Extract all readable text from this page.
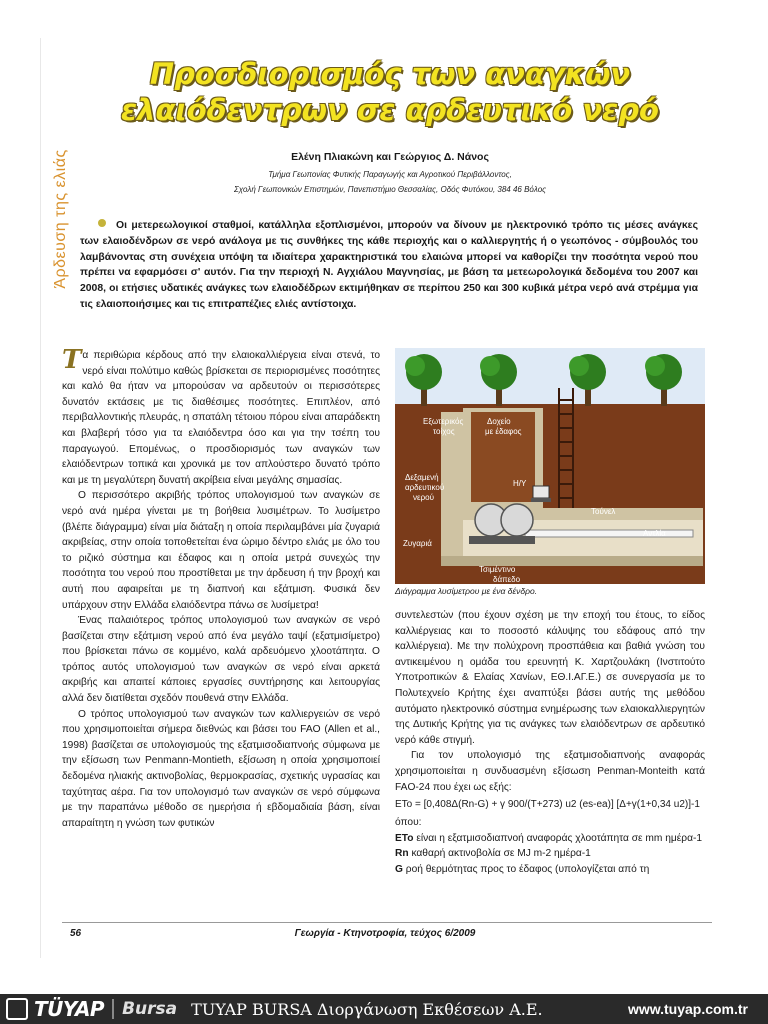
Άρδευση της ελιάς
Προσδιορισμός των αναγκών
ελαιόδεντρων σε αρδευτικό νερό
Ελένη Πλιακώνη και Γεώργιος Δ. Νάνος
Τμήμα Γεωπονίας Φυτικής Παραγωγής και Αγροτικού Περιβάλλοντος,
Σχολή Γεωπονικών Επιστημών, Πανεπιστήμιο Θεσσαλίας, Οδός Φυτόκου, 384 46 Βόλος
Οι μετερεωλογικοί σταθμοί, κατάλληλα εξοπλισμένοι, μπορούν να δίνουν με ηλεκτρονικό τρόπο τις μέσες ανάγκες των ελαιοδένδρων σε νερό ανάλογα με τις συνθήκες της κάθε περιοχής και ο καλλιεργητής ή ο γεωπόνος - σύμβουλός του λαμβάνοντας στη συνέχεια υπόψη τα ιδιαίτερα χαρακτηριστικά του ελαιώνα μπορεί να καθορίζει την ποσότητα νερού που πρέπει να εφαρμόσει σ' αυτόν. Για την περιοχή Ν. Αγχιάλου Μαγνησίας, με βάση τα μετεωρολογικά δεδομένα του 2007 και 2008, οι ετήσιες υδατικές ανάγκες των ελαιοδέδρων εκτιμήθηκαν σε περίπου 250 και 300 κυβικά μέτρα νερό ανά στρέμμα για τις ελαιοποιήσιμες και τις επιτραπέζιες ελιές αντίστοιχα.

Τα περιθώρια κέρδους από την ελαιοκαλλιέργεια είναι στενά, το νερό είναι πολύτιμο καθώς βρίσκεται σε περιορισμένες ποσότητες και καλό θα ήταν να μπορούσαν να αρδευτούν οι περισσότερες δυνατόν εκτάσεις με τις διαθέσιμες ποσότητες. Επιπλέον, από περιβαλλοντικής πλευράς, η σπατάλη τέτοιου πόρου είναι απαράδεκτη και βλαβερή τόσο για τα ελαιόδεντρα όσο και για την τσέπη του παραγωγού. Επομένως, ο προσδιορισμός των αναγκών των ελαιόδεντρων τοπικά και χρονικά με τον απλούστερο δυνατό τρόπο και με τη μεγαλύτερη δυνατή ακρίβεια είναι μεγάλης σημασίας.

Ο περισσότερο ακριβής τρόπος υπολογισμού των αναγκών σε νερό ανά ημέρα γίνεται με τη βοήθεια λυσιμέτρων. Το λυσίμετρο (βλέπε διάγραμμα) είναι μία διάταξη η οποία περιλαμβάνει μία ζυγαριά ακριβείας, στην οποία τοποθετείται ένα ώριμο δέντρο ελιάς με όλο του το ριζικό σύστημα και έδαφος και η οποία μετρά συνεχώς την ποσότητα του νερού που προστίθεται με την άρδευση ή την βροχή και αυτή που αφαιρείται με τη διαπνοή και εξάτμιση. Φυσικά δεν υπάρχουν στην Ελλάδα ελαιόδεντρα πάνω σε λυσίμετρα!

Ένας παλαιότερος τρόπος υπολογισμού των αναγκών σε νερό βασίζεται στην εξάτμιση νερού από ένα μεγάλο ταψί (εξατμισίμετρο) που βρίσκεται πάνω σε κομμένο, καλά αρδευόμενο χλοοτάπητα. Ο τρόπος αυτός υπολογισμού των αναγκών σε νερό είναι αρκετά ακριβής και απαιτεί κάποιες εργασίες συντήρησης και λειτουργίας αλλά δεν διατίθεται σχεδόν πουθενά στην Ελλάδα.

Ο τρόπος υπολογισμού των αναγκών των καλλιεργειών σε νερό που χρησιμοποιείται σήμερα διεθνώς και βάσει του FAO (Allen et al., 1998) βασίζεται σε υπολογισμούς της εξατμισοδιαπνοής σύμφωνα με την εξίσωση των Penmann-Montieth, εξίσωση η οποία χρησιμοποιεί δεδομένα ηλιακής ακτινοβολίας, θερμοκρασίας, σχετικής υγρασίας και ταχύτητας αέρα. Για τον υπολογισμό των αναγκών σε νερό σύμφωνα με την παραπάνω μέθοδο σε ημερήσια ή εβδομαδιαία βάση, είναι απαραίτητη η γνώση των φυτικών

Εξωτερικός τοίχος
Δοχείο με έδαφος
Η/Υ
Δεξαμενή αρδευτικού νερού
Τούνελ
Αντλία
Ζυγαριά
Τσιμέντινο δάπεδο
Διάγραμμα λυσίμετρου με ένα δένδρο.

συντελεστών (που έχουν σχέση με την εποχή του έτους, το είδος καλλιέργειας και το ποσοστό κάλυψης του εδάφους από την καλλιέργεια). Με την πολύχρονη προσπάθεια και βαθιά γνώση του αντικειμένου η ομάδα του ερευνητή Κ. Χαρτζουλάκη (Ινστιτούτο Υποτροπικών & Ελαίας Χανίων, ΕΘ.Ι.ΑΓ.Ε.) σε συνεργασία με το Πολυτεχνείο Κρήτης έχει αναπτύξει βάσει αυτής της μεθόδου αυτόματο ηλεκτρονικό σύστημα ενημέρωσης των ελαιοκαλλιεργητών της Δυτικής Κρήτης για τις ανάγκες των ελαιόδεντρων σε αρδευτικό νερό κάθε στιγμή.

Για τον υπολογισμό της εξατμισοδιαπνοής αναφοράς χρησιμοποιείται η συνδυασμένη εξίσωση Penman-Monteith κατά FAO-24 που έχει ως εξής:

ETo = [0,408Δ(Rn-G) + γ 900/(T+273) u2 (es-ea)] [Δ+γ(1+0,34 u2)]-1

όπου:

ETo είναι η εξατμισοδιαπνοή αναφοράς χλοοτάπητα σε mm ημέρα-1

Rn καθαρή ακτινοβολία σε MJ m-2 ημέρα-1

G ροή θερμότητας προς το έδαφος (υπολογίζεται από τη

56	Γεωργία - Κτηνοτροφία, τεύχος 6/2009
TÜYAP	Bursa TUYAP BURSA Διοργάνωση Εκθέσεων Α.Ε.	www.tuyap.com.tr
